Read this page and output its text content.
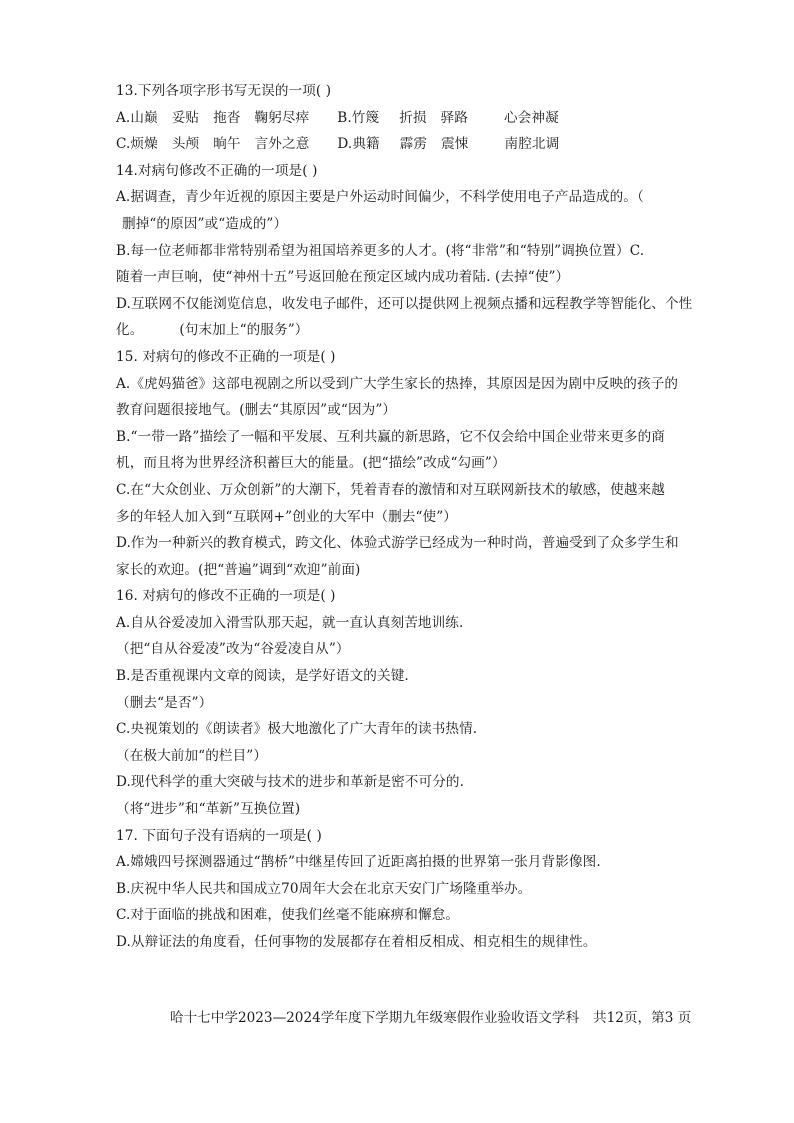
13.下列各项字形书写无误的一项( )
A.山巅 妥贴 拖沓 鞠躬尽瘁 B.竹篾 折损 驿路	心会神凝
C.烦燥 头颅 晌午 言外之意 D.典籍 霹雳 震悚	南腔北调
14.对病句修改不正确的一项是( )
A.据调查，青少年近视的原因主要是户外运动时间偏少，不科学使用电子产品造成的。（
删掉“的原因”或“造成的”）
B.每一位老师都非常特别希望为祖国培养更多的人才。(将“非常”和“特别”调换位置）C.
随着一声巨响，使“神州十五”号返回舱在预定区域内成功着陆. (去掉“使”）
D.互联网不仅能浏览信息，收发电子邮件，还可以提供网上视频点播和远程教学等智能化、个性
化。	(句末加上“的服务”）
15. 对病句的修改不正确的一项是( )
A.《虎妈猫爸》这部电视剧之所以受到广大学生家长的热捧，其原因是因为剧中反映的孩子的
教育问题很接地气。(删去“其原因”或“因为”）
B.“一带一路”描绘了一幅和平发展、互利共赢的新思路，它不仅会给中国企业带来更多的商
机，而且将为世界经济积蓄巨大的能量。(把“描绘”改成“勾画”）
C.在“大众创业、万众创新”的大潮下，凭着青春的激情和对互联网新技术的敏感，使越来越
多的年轻人加入到“互联网+”创业的大军中（删去“使”）
D.作为一种新兴的教育模式，跨文化、体验式游学已经成为一种时尚，普遍受到了众多学生和
家长的欢迎。(把“普遍”调到“欢迎”前面)
16. 对病句的修改不正确的一项是( )
A.自从谷爱凌加入滑雪队那天起，就一直认真刻苦地训练.
（把“自从谷爱凌”改为“谷爱凌自从”）
B.是否重视课内文章的阅读，是学好语文的关键.
（删去“是否”）
C.央视策划的《朗读者》极大地激化了广大青年的读书热情.
（在极大前加“的栏目”）
D.现代科学的重大突破与技术的进步和革新是密不可分的.
（将“进步”和“革新”互换位置)
17. 下面句子没有语病的一项是( )
A.嫦娥四号探测器通过“鹊桥”中继星传回了近距离拍摄的世界第一张月背影像图.
B.庆祝中华人民共和国成立70周年大会在北京天安门广场隆重举办。
C.对于面临的挑战和困难，使我们丝毫不能麻痹和懈怠。
D.从辩证法的角度看，任何事物的发展都存在着相反相成、相克相生的规律性。
哈十七中学2023—2024学年度下学期九年级寒假作业验收语文学科 共12页，第3 页
